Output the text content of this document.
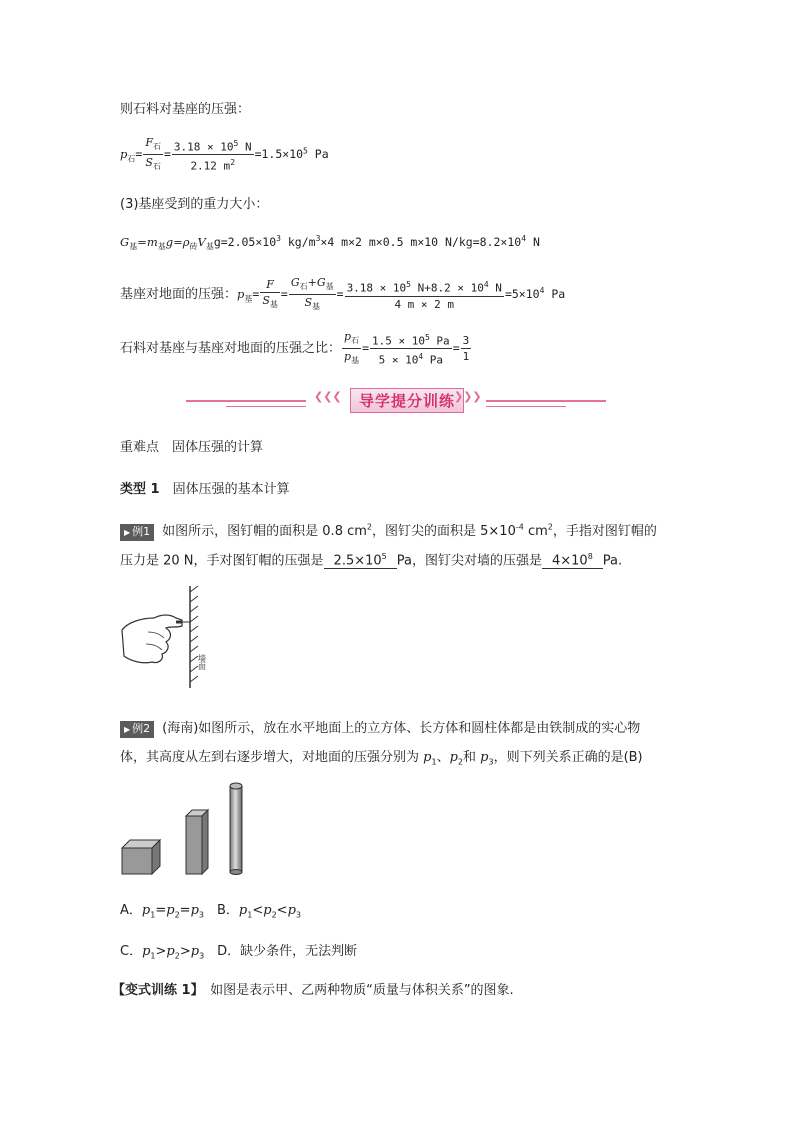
则石料对基座的压强：
$p_石= \frac{F_石}{S_石} = \frac{3.18 \times 10^5 N}{2.12 m^2} =1.5\times 10^5$ Pa
(3)基座受到的重力大小：
$G_基=m_基g=\rho_砖V_基g=2.05\times 10^3$ $kg/m^3\times 4$ m×2 m×0.5 m×10 $N/kg=8.2\times 10^4$ N
基座对地面的压强：$p_基= \frac{F}{S_基} = \frac{G_石+G_基}{S_基} = \frac{3.18 \times 10^5 N+8.2 \times 10^4 N}{4 m \times 2 m} =5\times 10^4$ Pa
石料对基座与基座对地面的压强之比： $\frac{p_石}{p_基} = \frac{1.5 \times 10^5 Pa}{5 \times 10^4 Pa} = \frac{3}{1}$
❮❮❮	导学提分训练
❯❯❯
重难点　固体压强的计算
类型 1　固体压强的基本计算
▶ 例1 如图所示，图钉帽的面积是 0.8 $cm^2$，图钉尖的面积是 $5\times 10^{-4}$ $cm^2$，手指对图钉帽的
压力是 20 N，手对图钉帽的压强是 $2.5\times 10^5$ Pa，图钉尖对墙的压强是 $4\times 10^8$ Pa.
墙面
▶ 例2 (海南)如图所示，放在水平地面上的立方体、长方体和圆柱体都是由铁制成的实心物
体，其高度从左到右逐步增大，对地面的压强分别为 $p_1$、$p_2$和 $p_3$，则下列关系正确的是(B)
A．$p_1=p_2=p_3$　 B．$p_1<p_2<p_3$
C．$p_1>p_2>p_3$　 D．缺少条件，无法判断
【变式训练 1】　如图是表示甲、乙两种物质“质量与体积关系”的图象.
